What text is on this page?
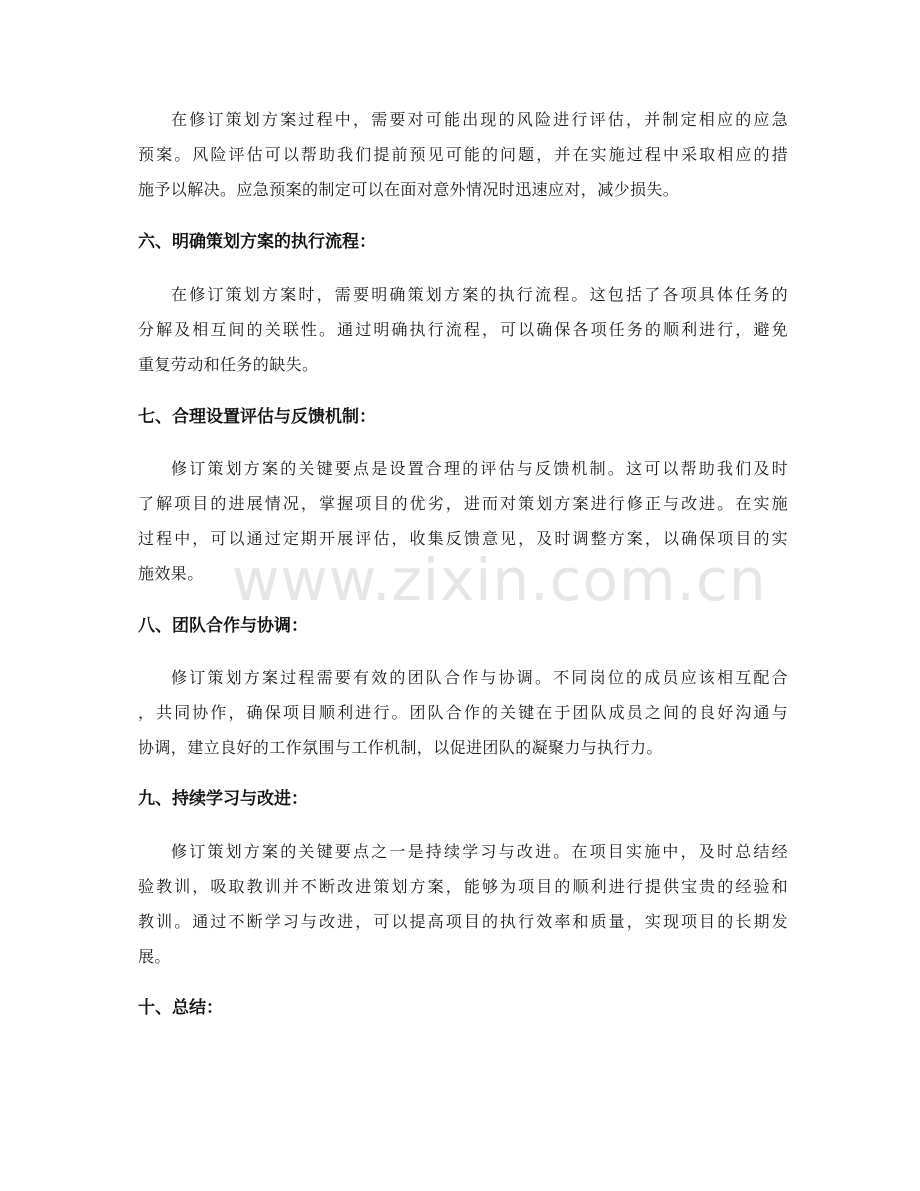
www.zixin.com.cn
在修订策划方案过程中，需要对可能出现的风险进行评估，并制定相应的应急
预案。风险评估可以帮助我们提前预见可能的问题，并在实施过程中采取相应的措
施予以解决。应急预案的制定可以在面对意外情况时迅速应对，减少损失。
六、明确策划方案的执行流程：
在修订策划方案时，需要明确策划方案的执行流程。这包括了各项具体任务的
分解及相互间的关联性。通过明确执行流程，可以确保各项任务的顺利进行，避免
重复劳动和任务的缺失。
七、合理设置评估与反馈机制：
修订策划方案的关键要点是设置合理的评估与反馈机制。这可以帮助我们及时
了解项目的进展情况，掌握项目的优劣，进而对策划方案进行修正与改进。在实施
过程中，可以通过定期开展评估，收集反馈意见，及时调整方案，以确保项目的实
施效果。
八、团队合作与协调：
修订策划方案过程需要有效的团队合作与协调。不同岗位的成员应该相互配合
，共同协作，确保项目顺利进行。团队合作的关键在于团队成员之间的良好沟通与
协调，建立良好的工作氛围与工作机制，以促进团队的凝聚力与执行力。
九、持续学习与改进：
修订策划方案的关键要点之一是持续学习与改进。在项目实施中，及时总结经
验教训，吸取教训并不断改进策划方案，能够为项目的顺利进行提供宝贵的经验和
教训。通过不断学习与改进，可以提高项目的执行效率和质量，实现项目的长期发
展。
十、总结：
